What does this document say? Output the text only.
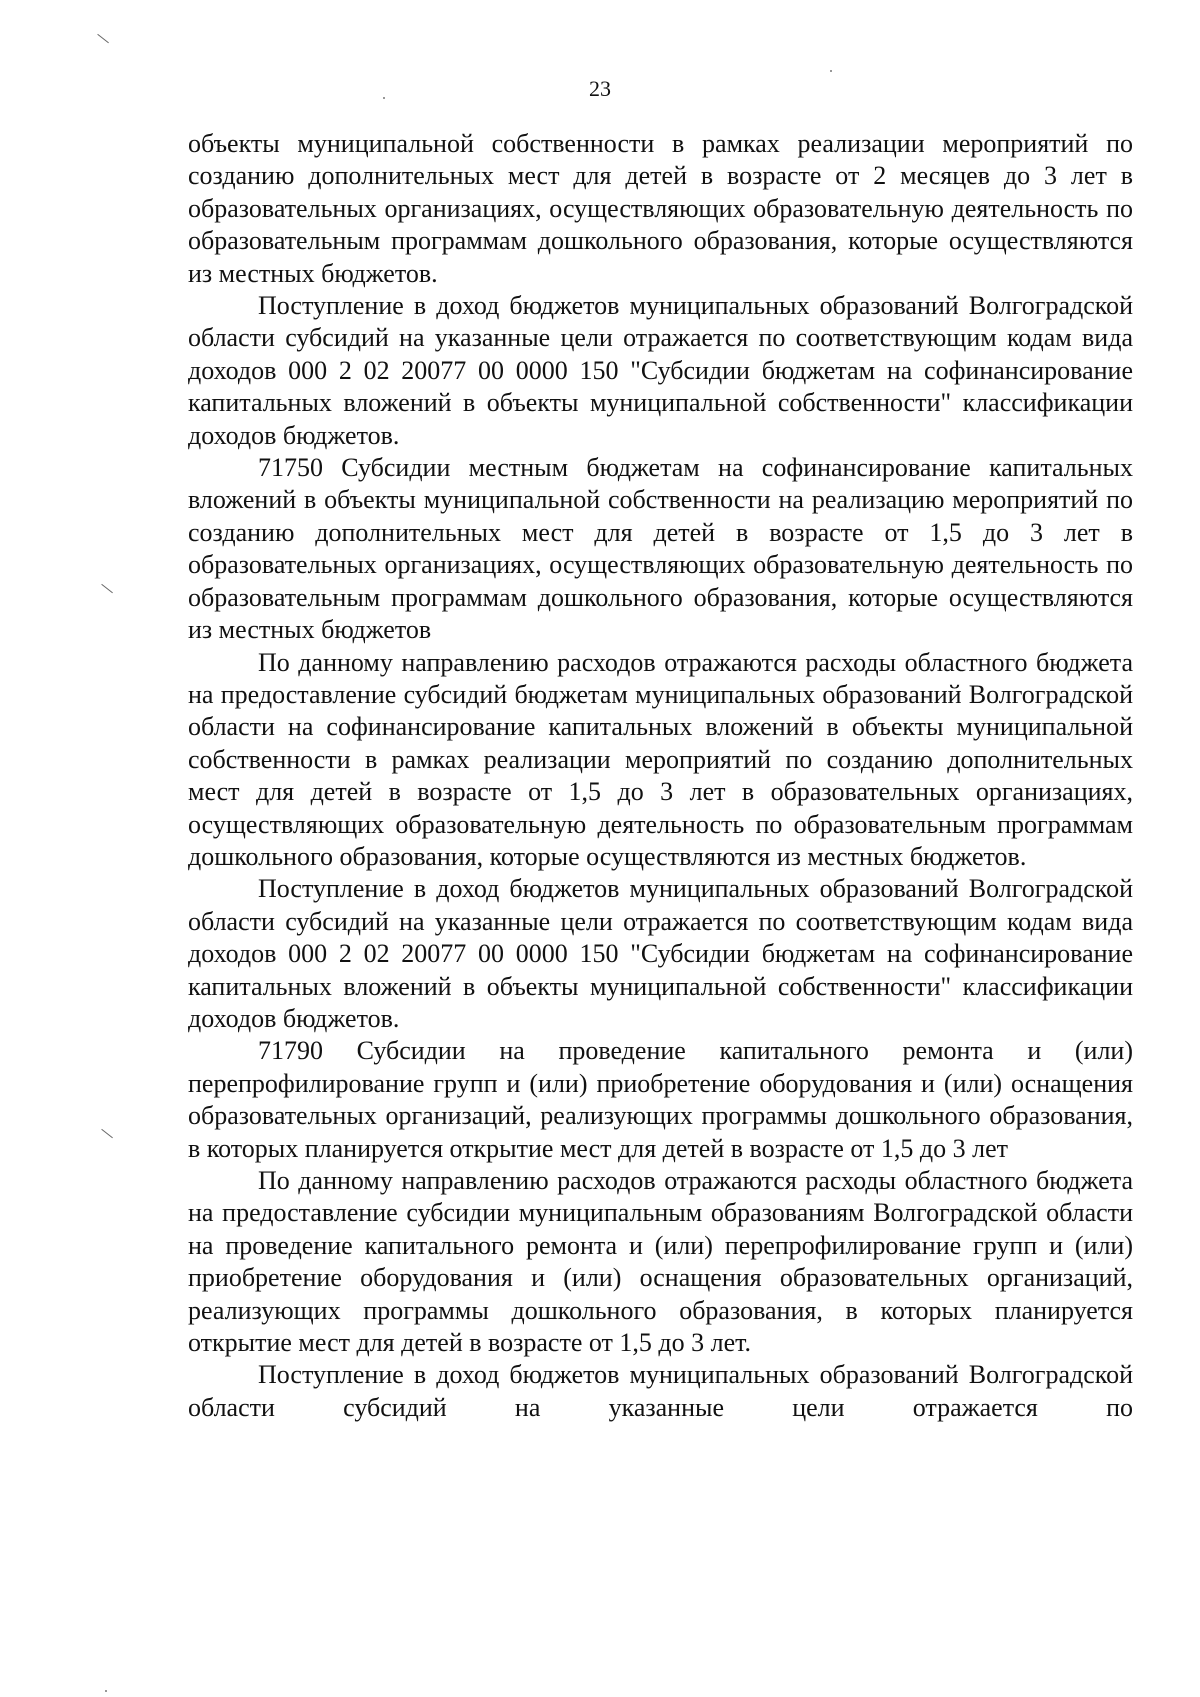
23

объекты муниципальной собственности в рамках реализации мероприятий по созданию дополнительных мест для детей в возрасте от 2 месяцев до 3 лет в образовательных организациях, осуществляющих образовательную деятельность по образовательным программам дошкольного образования, которые осуществляются из местных бюджетов.

Поступление в доход бюджетов муниципальных образований Волгоградской области субсидий на указанные цели отражается по соответствующим кодам вида доходов 000 2 02 20077 00 0000 150 "Субсидии бюджетам на софинансирование капитальных вложений в объекты муниципальной собственности" классификации доходов бюджетов.

71750 Субсидии местным бюджетам на софинансирование капитальных вложений в объекты муниципальной собственности на реализацию мероприятий по созданию дополнительных мест для детей в возрасте от 1,5 до 3 лет в образовательных организациях, осуществляющих образовательную деятельность по образовательным программам дошкольного образования, которые осуществляются из местных бюджетов

По данному направлению расходов отражаются расходы областного бюджета на предоставление субсидий бюджетам муниципальных образований Волгоградской области на софинансирование капитальных вложений в объекты муниципальной собственности в рамках реализации мероприятий по созданию дополнительных мест для детей в возрасте от 1,5 до 3 лет в образовательных организациях, осуществляющих образовательную деятельность по образовательным программам дошкольного образования, которые осуществляются из местных бюджетов.

Поступление в доход бюджетов муниципальных образований Волгоградской области субсидий на указанные цели отражается по соответствующим кодам вида доходов 000 2 02 20077 00 0000 150 "Субсидии бюджетам на софинансирование капитальных вложений в объекты муниципальной собственности" классификации доходов бюджетов.

71790 Субсидии на проведение капитального ремонта и (или) перепрофилирование групп и (или) приобретение оборудования и (или) оснащения образовательных организаций, реализующих программы дошкольного образования, в которых планируется открытие мест для детей в возрасте от 1,5 до 3 лет

По данному направлению расходов отражаются расходы областного бюджета на предоставление субсидии муниципальным образованиям Волгоградской области на проведение капитального ремонта и (или) перепрофилирование групп и (или) приобретение оборудования и (или) оснащения образовательных организаций, реализующих программы дошкольного образования, в которых планируется открытие мест для детей в возрасте от 1,5 до 3 лет.

Поступление в доход бюджетов муниципальных образований Волгоградской области субсидий на указанные цели отражается по
